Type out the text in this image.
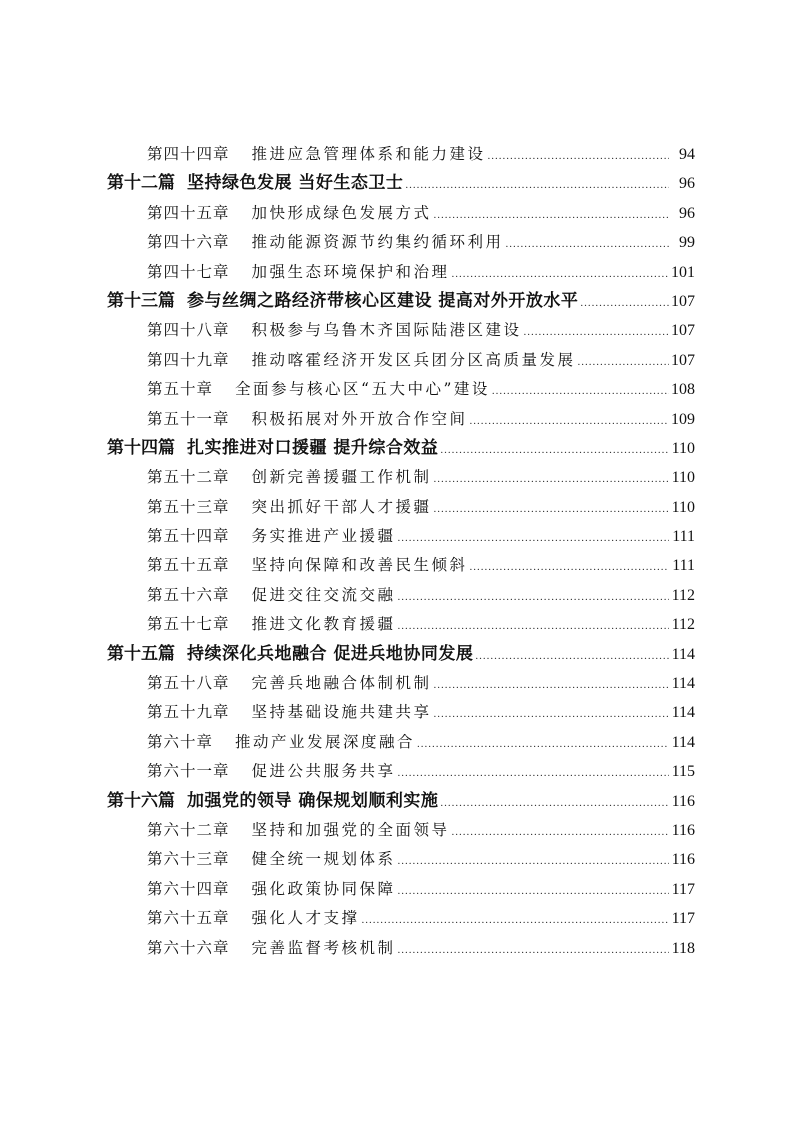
第四十四章 推进应急管理体系和能力建设 .....	94
第十二篇 坚持绿色发展 当好生态卫士 .....	96
第四十五章 加快形成绿色发展方式 .....	96
第四十六章 推动能源资源节约集约循环利用 .....	99
第四十七章 加强生态环境保护和治理 .....	101
第十三篇 参与丝绸之路经济带核心区建设 提高对外开放水平 .....	107
第四十八章 积极参与乌鲁木齐国际陆港区建设 .....	107
第四十九章 推动喀霍经济开发区兵团分区高质量发展 .....	107
第五十章 全面参与核心区“五大中心”建设 .....	108
第五十一章 积极拓展对外开放合作空间 .....	109
第十四篇 扎实推进对口援疆 提升综合效益 .....	110
第五十二章 创新完善援疆工作机制 .....	110
第五十三章 突出抓好干部人才援疆 .....	110
第五十四章 务实推进产业援疆 .....	111
第五十五章 坚持向保障和改善民生倾斜 .....	111
第五十六章 促进交往交流交融 .....	112
第五十七章 推进文化教育援疆 .....	112
第十五篇 持续深化兵地融合 促进兵地协同发展 .....	114
第五十八章 完善兵地融合体制机制 .....	114
第五十九章 坚持基础设施共建共享 .....	114
第六十章 推动产业发展深度融合 .....	114
第六十一章 促进公共服务共享 .....	115
第十六篇 加强党的领导 确保规划顺利实施 .....	116
第六十二章 坚持和加强党的全面领导 .....	116
第六十三章 健全统一规划体系 .....	116
第六十四章 强化政策协同保障 .....	117
第六十五章 强化人才支撑 .....	117
第六十六章 完善监督考核机制 .....	118
